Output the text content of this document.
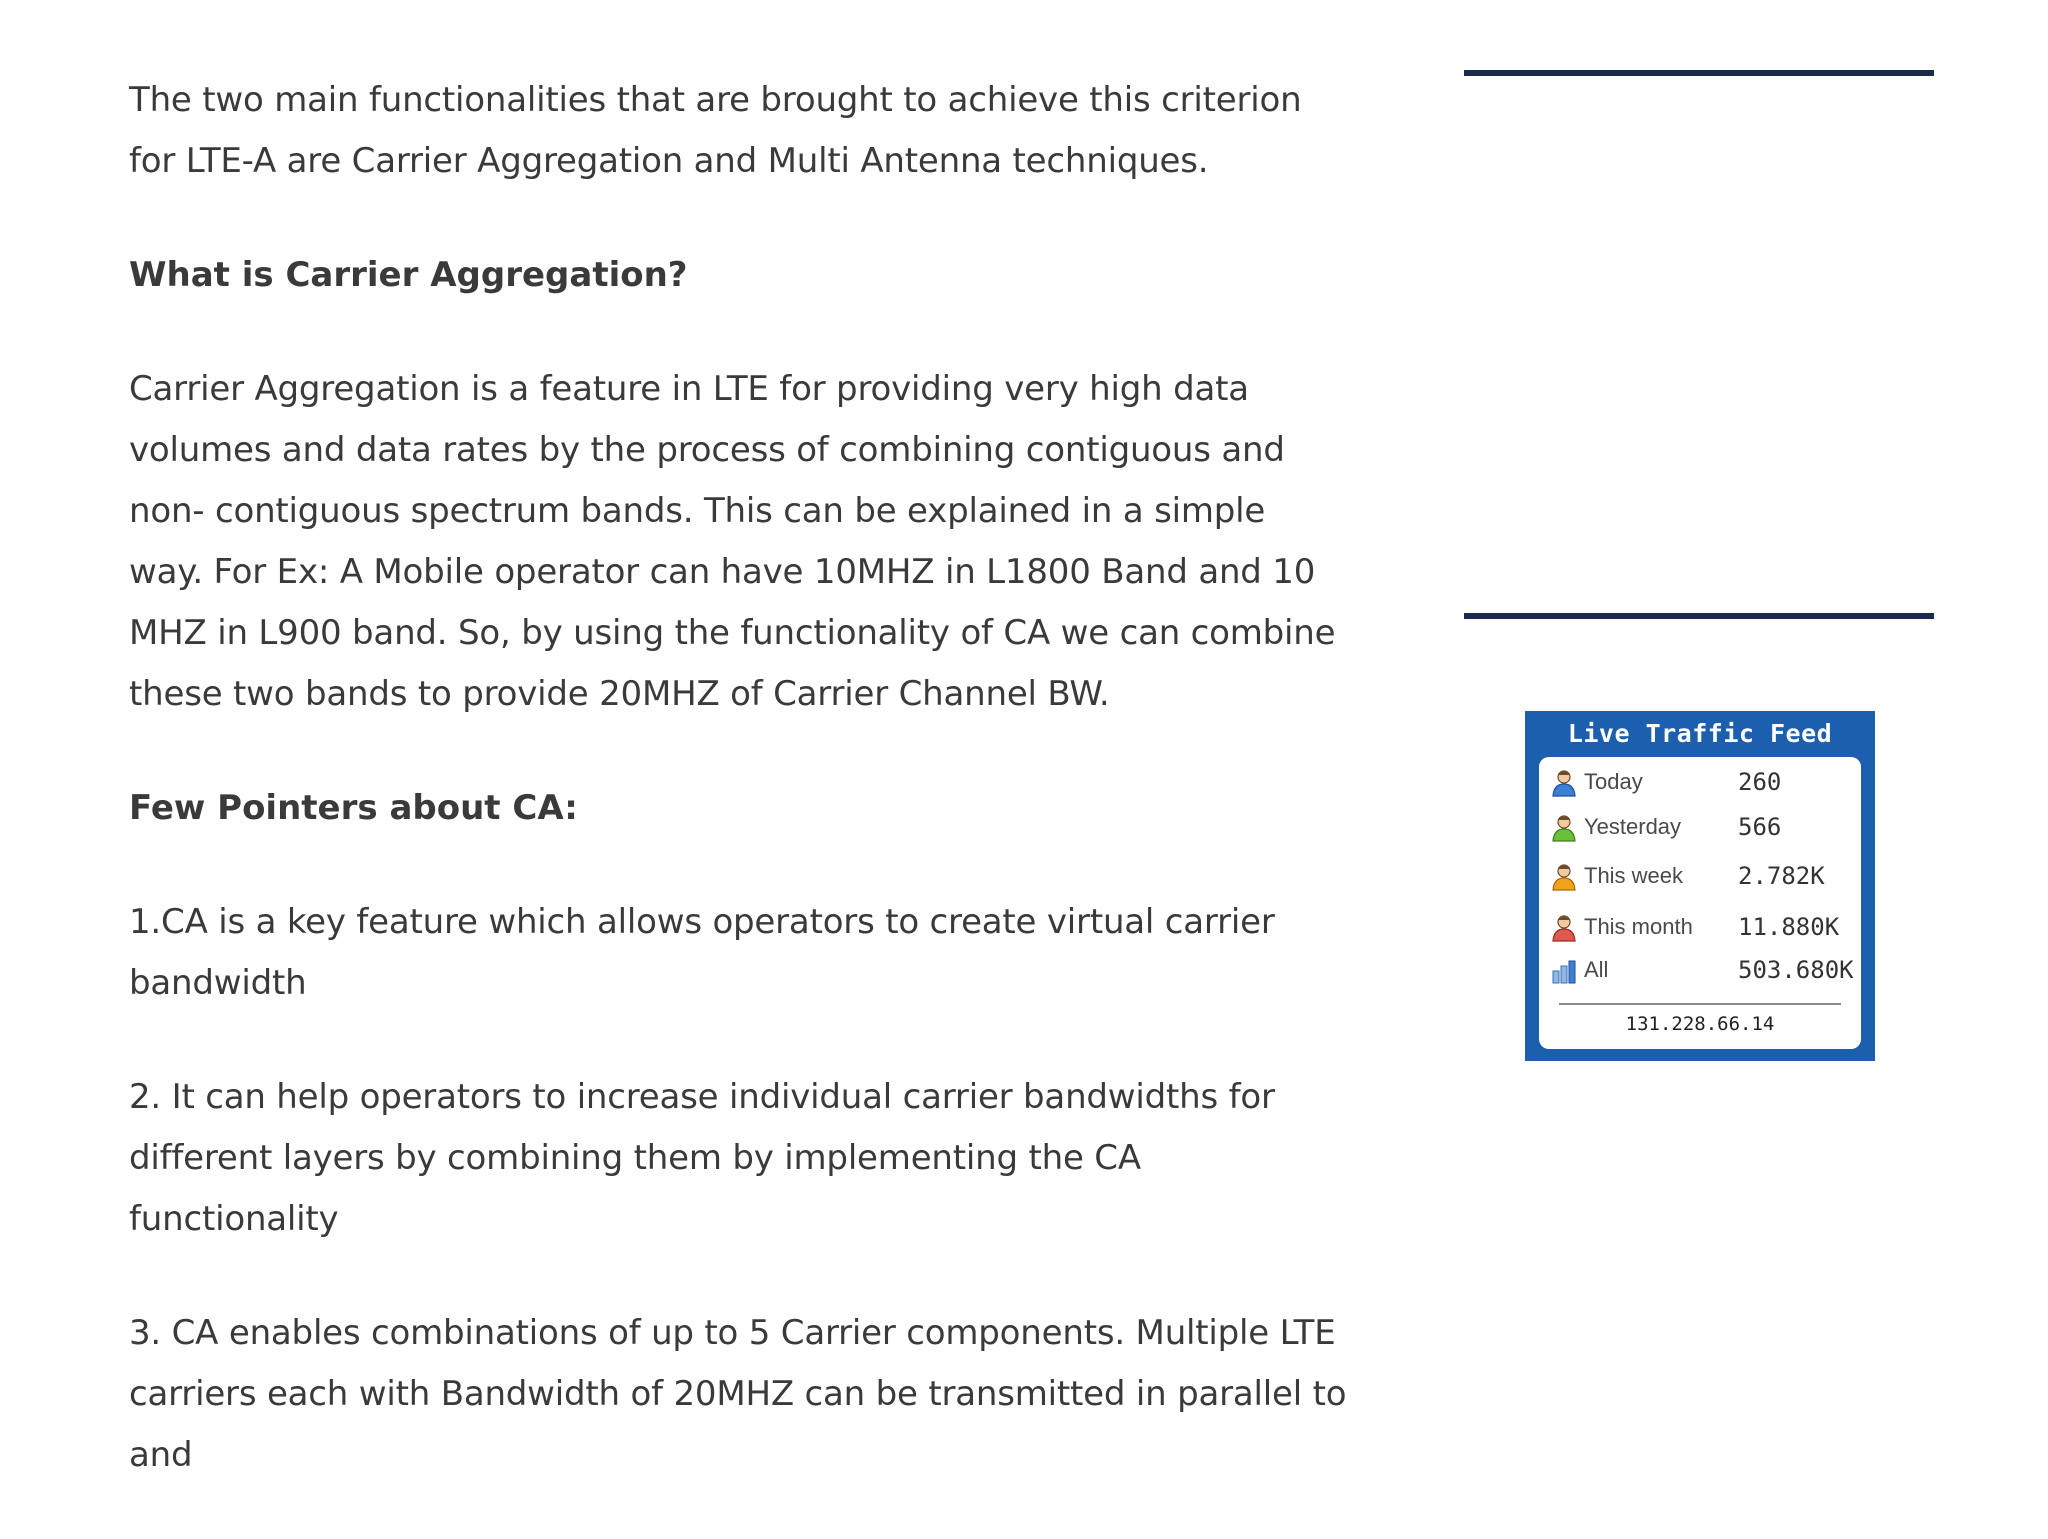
The two main functionalities that are brought to achieve this criterion for LTE-A are Carrier Aggregation and Multi Antenna techniques.

What is Carrier Aggregation?

Carrier Aggregation is a feature in LTE for providing very high data volumes and data rates by the process of combining contiguous and non- contiguous spectrum bands. This can be explained in a simple way. For Ex: A Mobile operator can have 10MHZ in L1800 Band and 10 MHZ in L900 band. So, by using the functionality of CA we can combine these two bands to provide 20MHZ of Carrier Channel BW.

Few Pointers about CA:

1.CA is a key feature which allows operators to create virtual carrier bandwidth

2. It can help operators to increase individual carrier bandwidths for different layers by combining them by implementing the CA functionality

3. CA enables combinations of up to 5 Carrier components. Multiple LTE carriers each with Bandwidth of 20MHZ can be transmitted in parallel to and

Live Traffic Feed
Today	260
Yesterday 566
This week 2.782K
This month 11.880K
All	503.680K
131.228.66.14
